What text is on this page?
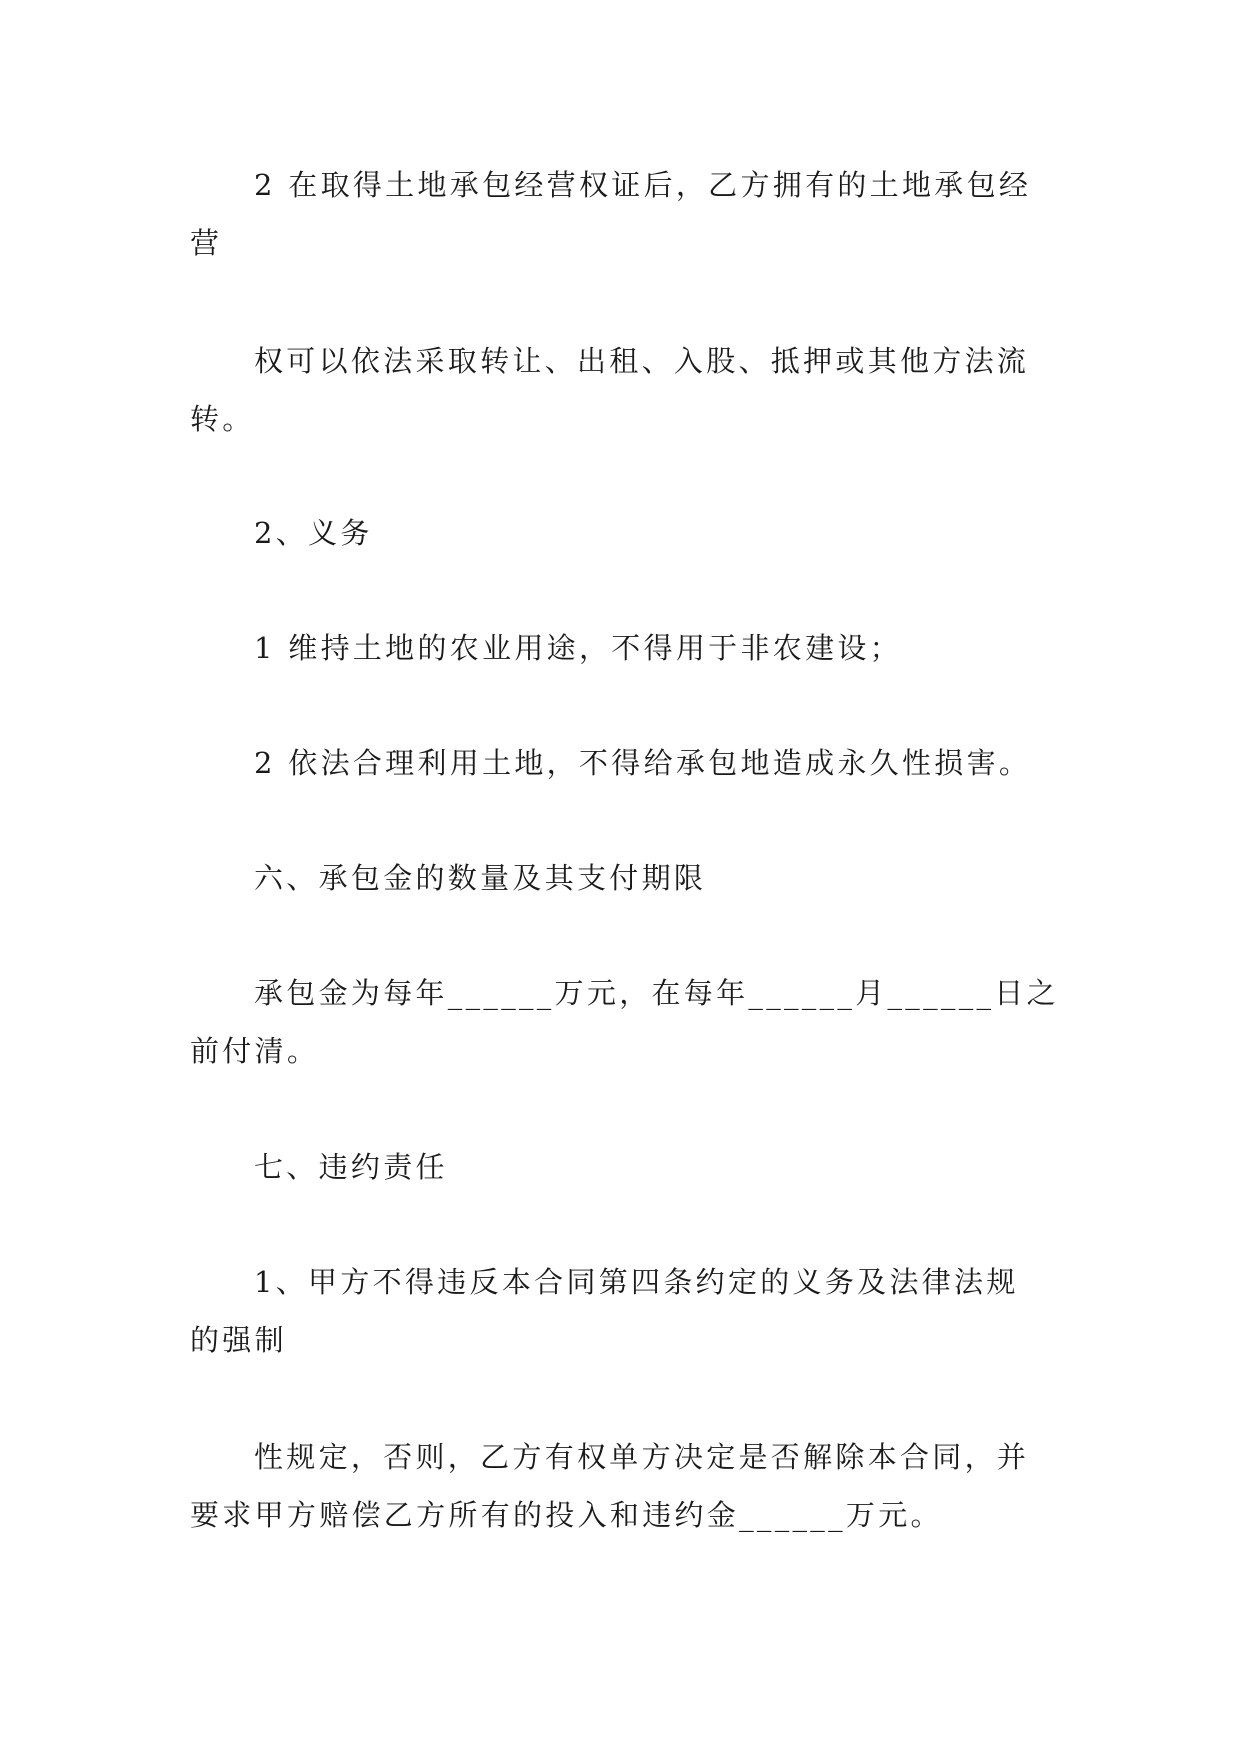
2 在取得土地承包经营权证后，乙方拥有的土地承包经
营
权可以依法采取转让、出租、入股、抵押或其他方法流
转。
2、义务
1 维持土地的农业用途，不得用于非农建设；
2 依法合理利用土地，不得给承包地造成永久性损害。
六、承包金的数量及其支付期限
承包金为每年______万元，在每年______月______日之
前付清。
七、违约责任
1、甲方不得违反本合同第四条约定的义务及法律法规
的强制
性规定，否则，乙方有权单方决定是否解除本合同，并
要求甲方赔偿乙方所有的投入和违约金______万元。
